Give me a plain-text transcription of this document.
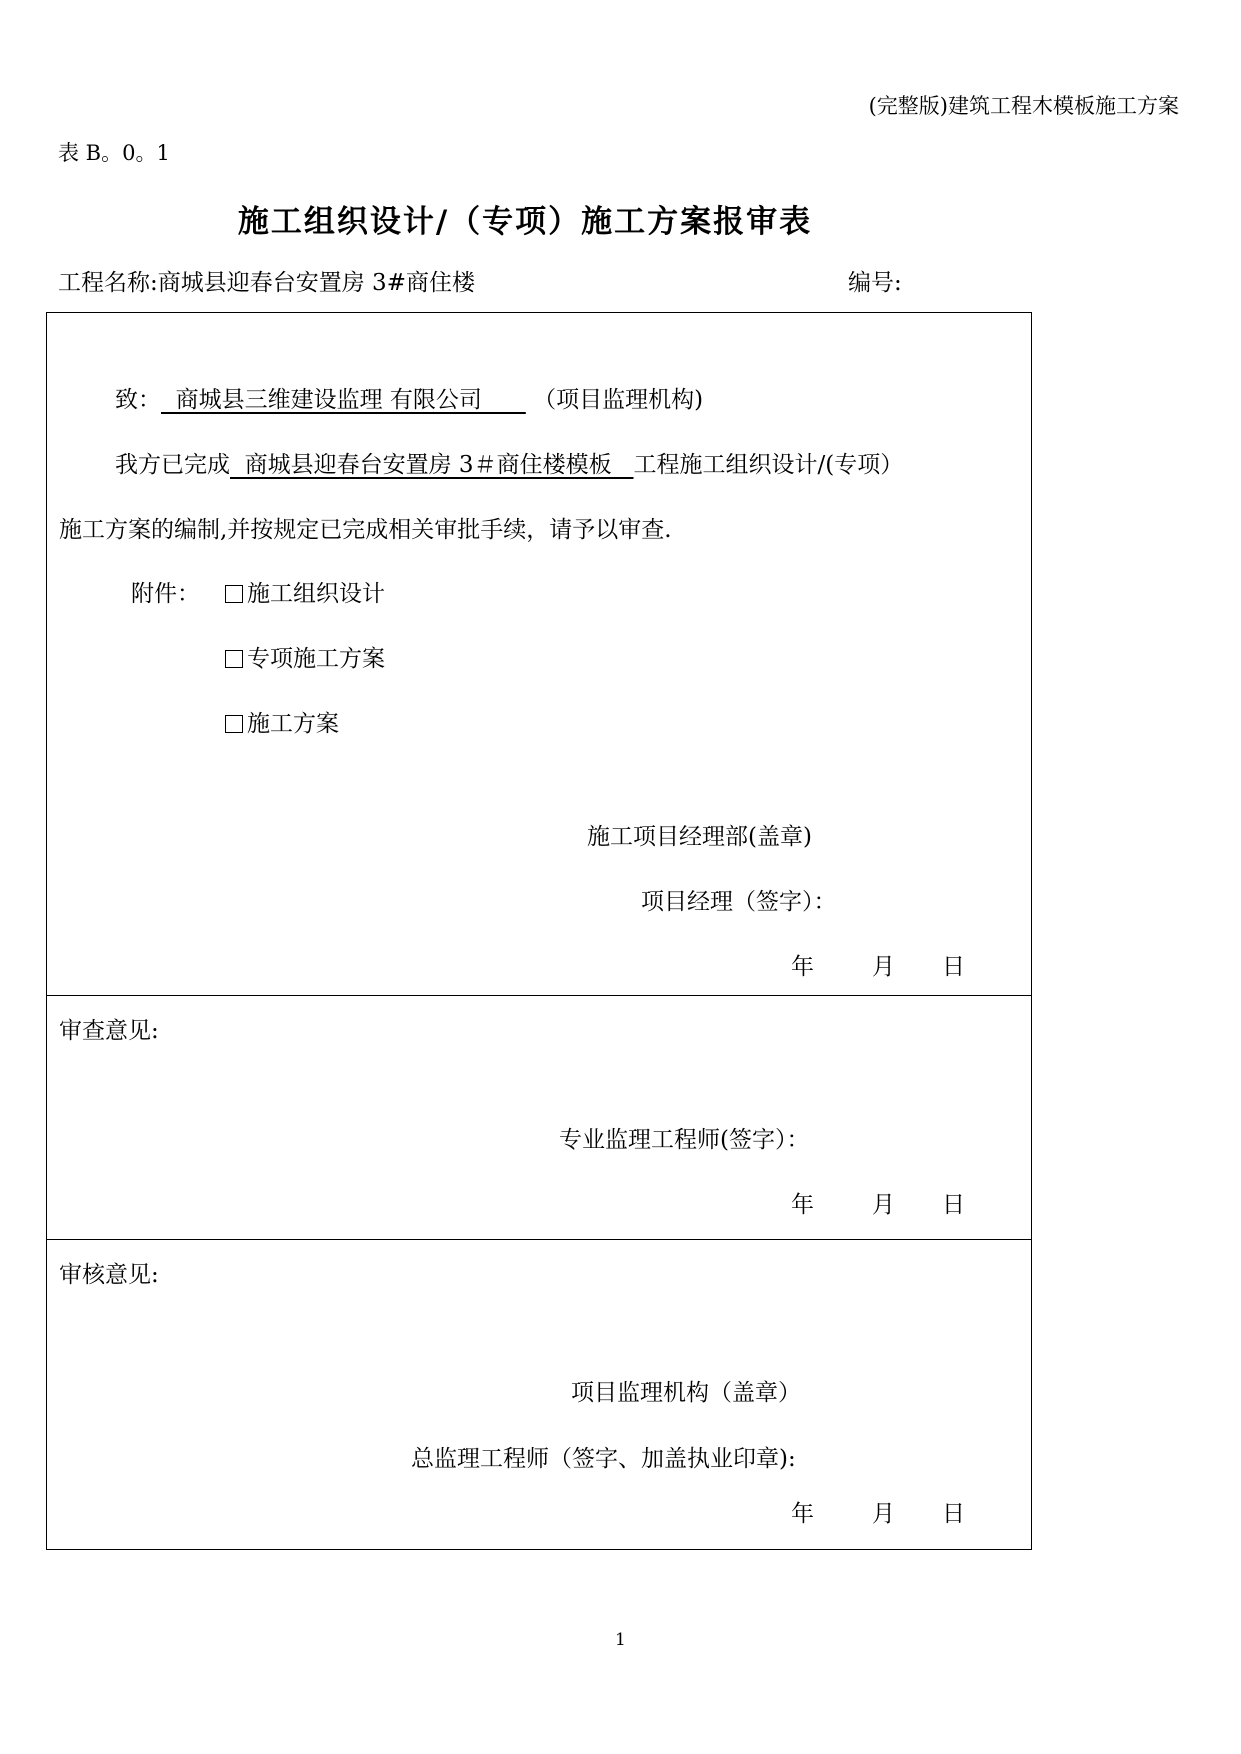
(完整版)建筑工程木模板施工方案
表 B。0。1
施工组织设计/（专项）施工方案报审表
工程名称:商城县迎春台安置房 3#商住楼	编号:
致：  商城县三维建设监理 有限公司       （项目监理机构)
我方已完成  商城县迎春台安置房 3＃商住楼模板   工程施工组织设计/(专项）
施工方案的编制,并按规定已完成相关审批手续，请予以审查.
附件：	施工组织设计
专项施工方案
施工方案
施工项目经理部(盖章)
项目经理（签字）：
年	月 日
审查意见:
专业监理工程师(签字）：
年	月 日
审核意见:
项目监理机构（盖章）
总监理工程师（签字、加盖执业印章):
年	月 日
1
